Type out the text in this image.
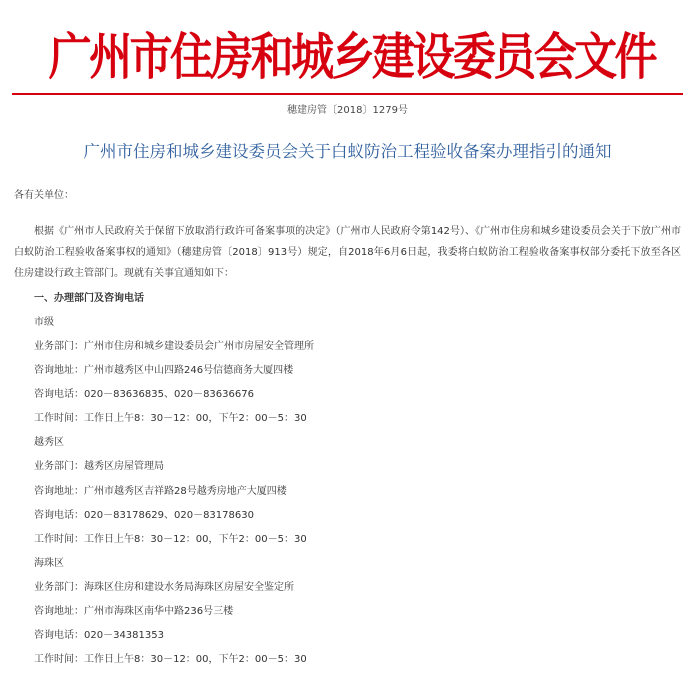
广州市住房和城乡建设委员会文件
穗建房管〔2018〕1279号
广州市住房和城乡建设委员会关于白蚁防治工程验收备案办理指引的通知
各有关单位：
根据《广州市人民政府关于保留下放取消行政许可备案事项的决定》（广州市人民政府令第142号）、《广州市住房和城乡建设委员会关于下放广州市白蚁防治工程验收备案事权的通知》（穗建房管〔2018〕913号）规定，自2018年6月6日起，我委将白蚁防治工程验收备案事权部分委托下放至各区住房建设行政主管部门。现就有关事宜通知如下：
一、办理部门及咨询电话
市级
业务部门：广州市住房和城乡建设委员会广州市房屋安全管理所
咨询地址：广州市越秀区中山四路246号信德商务大厦四楼
咨询电话：020－83636835、020－83636676
工作时间：工作日上午8：30－12：00，下午2：00－5：30
越秀区
业务部门：越秀区房屋管理局
咨询地址：广州市越秀区吉祥路28号越秀房地产大厦四楼
咨询电话：020－83178629、020－83178630
工作时间：工作日上午8：30－12：00，下午2：00－5：30
海珠区
业务部门：海珠区住房和建设水务局海珠区房屋安全鉴定所
咨询地址：广州市海珠区南华中路236号三楼
咨询电话：020－34381353
工作时间：工作日上午8：30－12：00，下午2：00－5：30
